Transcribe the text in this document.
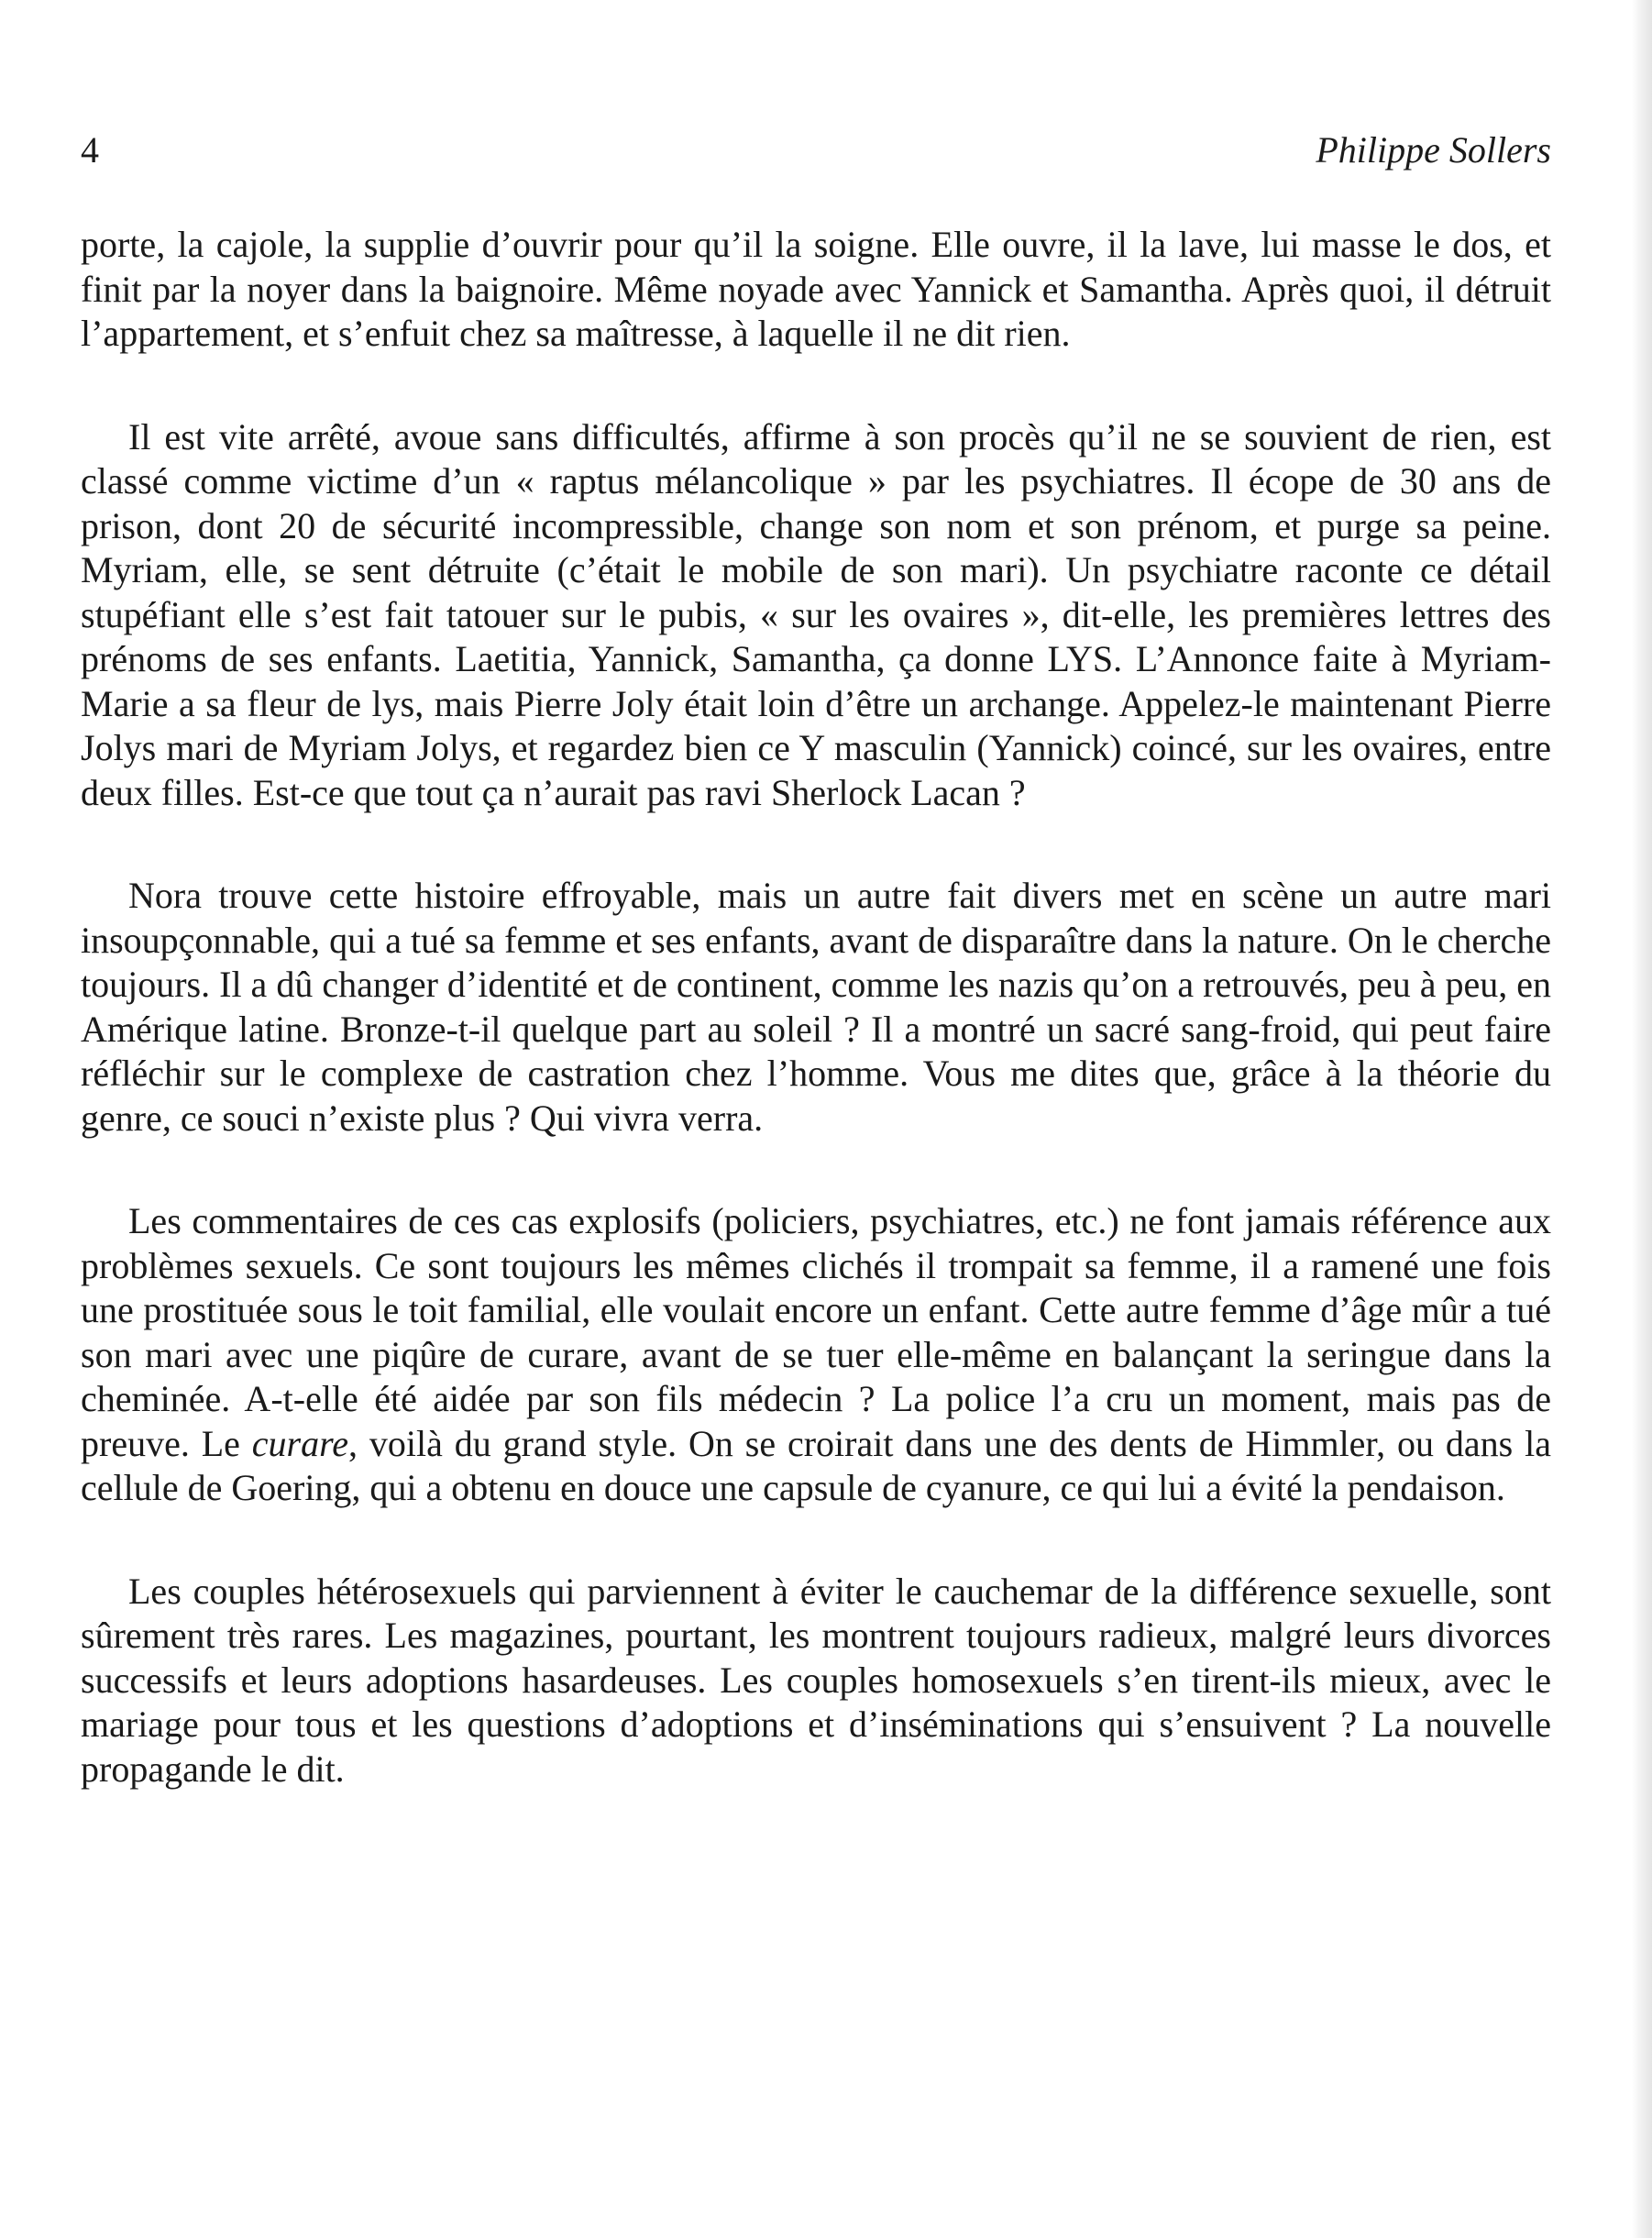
4	Philippe Sollers

porte, la cajole, la supplie d’ouvrir pour qu’il la soigne. Elle ouvre, il la lave, lui masse le dos, et finit par la noyer dans la baignoire. Même noyade avec Yannick et Samantha. Après quoi, il détruit l’appartement, et s’enfuit chez sa maîtresse, à laquelle il ne dit rien.

Il est vite arrêté, avoue sans difficultés, affirme à son procès qu’il ne se souvient de rien, est classé comme victime d’un « raptus mélancolique » par les psychiatres. Il écope de 30 ans de prison, dont 20 de sécurité incompressible, change son nom et son prénom, et purge sa peine. Myriam, elle, se sent détruite (c’était le mobile de son mari). Un psychiatre raconte ce détail stupéfiant elle s’est fait tatouer sur le pubis, « sur les ovaires », dit-elle, les premières lettres des prénoms de ses enfants. Laetitia, Yannick, Samantha, ça donne LYS. L’Annonce faite à Myriam-Marie a sa fleur de lys, mais Pierre Joly était loin d’être un archange. Appelez-le maintenant Pierre Jolys mari de Myriam Jolys, et regardez bien ce Y masculin (Yannick) coincé, sur les ovaires, entre deux filles. Est-ce que tout ça n’aurait pas ravi Sherlock Lacan ?

Nora trouve cette histoire effroyable, mais un autre fait divers met en scène un autre mari insoupçonnable, qui a tué sa femme et ses enfants, avant de disparaître dans la nature. On le cherche toujours. Il a dû changer d’identité et de continent, comme les nazis qu’on a retrouvés, peu à peu, en Amérique latine. Bronze-t-il quelque part au soleil ? Il a montré un sacré sang-froid, qui peut faire réfléchir sur le complexe de castration chez l’homme. Vous me dites que, grâce à la théorie du genre, ce souci n’existe plus ? Qui vivra verra.

Les commentaires de ces cas explosifs (policiers, psychiatres, etc.) ne font jamais référence aux problèmes sexuels. Ce sont toujours les mêmes clichés il trompait sa femme, il a ramené une fois une prostituée sous le toit familial, elle voulait encore un enfant. Cette autre femme d’âge mûr a tué son mari avec une piqûre de curare, avant de se tuer elle-même en balançant la seringue dans la cheminée. A-t-elle été aidée par son fils médecin ? La police l’a cru un moment, mais pas de preuve. Le curare, voilà du grand style. On se croirait dans une des dents de Himmler, ou dans la cellule de Goering, qui a obtenu en douce une capsule de cyanure, ce qui lui a évité la pendaison.

Les couples hétérosexuels qui parviennent à éviter le cauchemar de la différence sexuelle, sont sûrement très rares. Les magazines, pourtant, les montrent toujours radieux, malgré leurs divorces successifs et leurs adoptions hasardeuses. Les couples homosexuels s’en tirent-ils mieux, avec le mariage pour tous et les questions d’adoptions et d’inséminations qui s’ensuivent ? La nouvelle propagande le dit.
